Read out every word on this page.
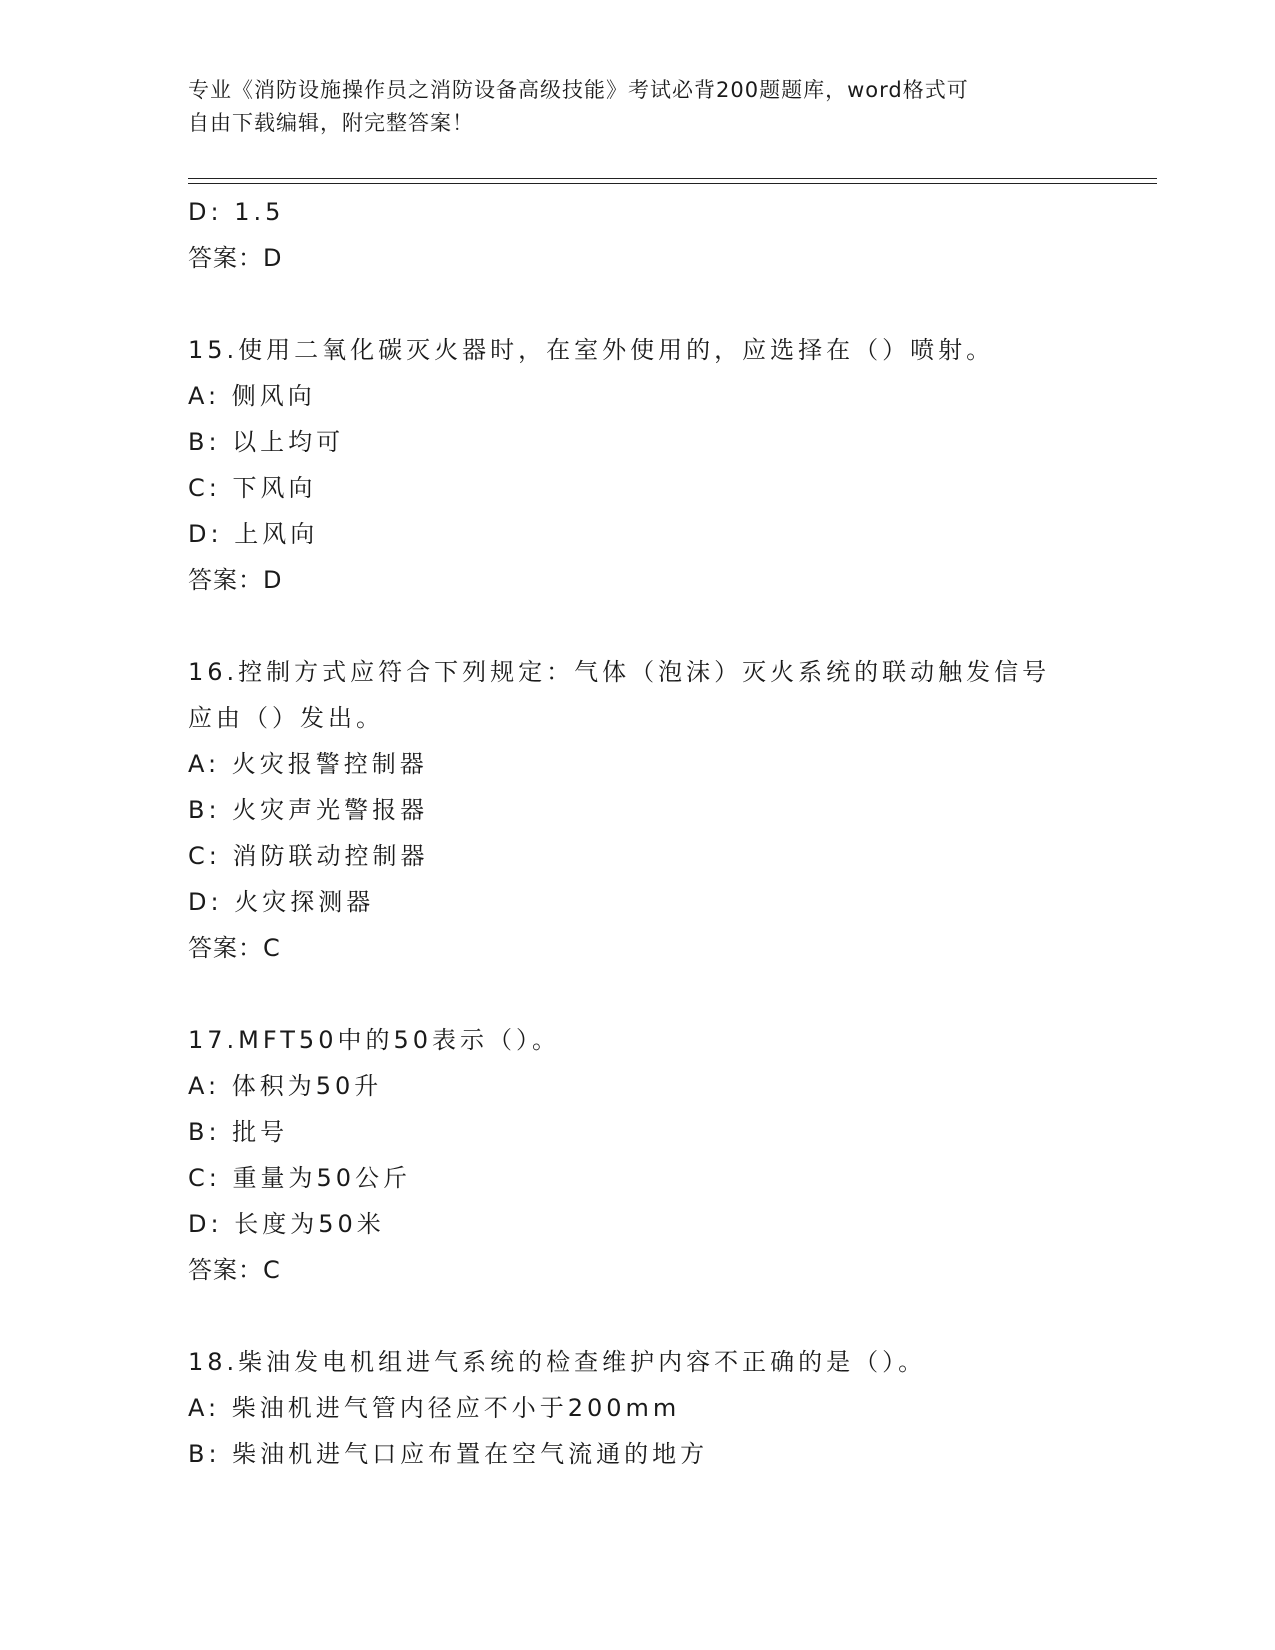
专业《消防设施操作员之消防设备高级技能》考试必背200题题库，word格式可
自由下载编辑，附完整答案！
D: 1.5
答案：D
15.使用二氧化碳灭火器时，在室外使用的，应选择在（）喷射。
A: 侧风向
B: 以上均可
C: 下风向
D: 上风向
答案：D
16.控制方式应符合下列规定：气体（泡沫）灭火系统的联动触发信号
应由（）发出。
A: 火灾报警控制器
B: 火灾声光警报器
C: 消防联动控制器
D: 火灾探测器
答案：C
17.MFT50中的50表示（）。
A: 体积为50升
B: 批号
C: 重量为50公斤
D: 长度为50米
答案：C
18.柴油发电机组进气系统的检查维护内容不正确的是（）。
A: 柴油机进气管内径应不小于200mm
B: 柴油机进气口应布置在空气流通的地方
